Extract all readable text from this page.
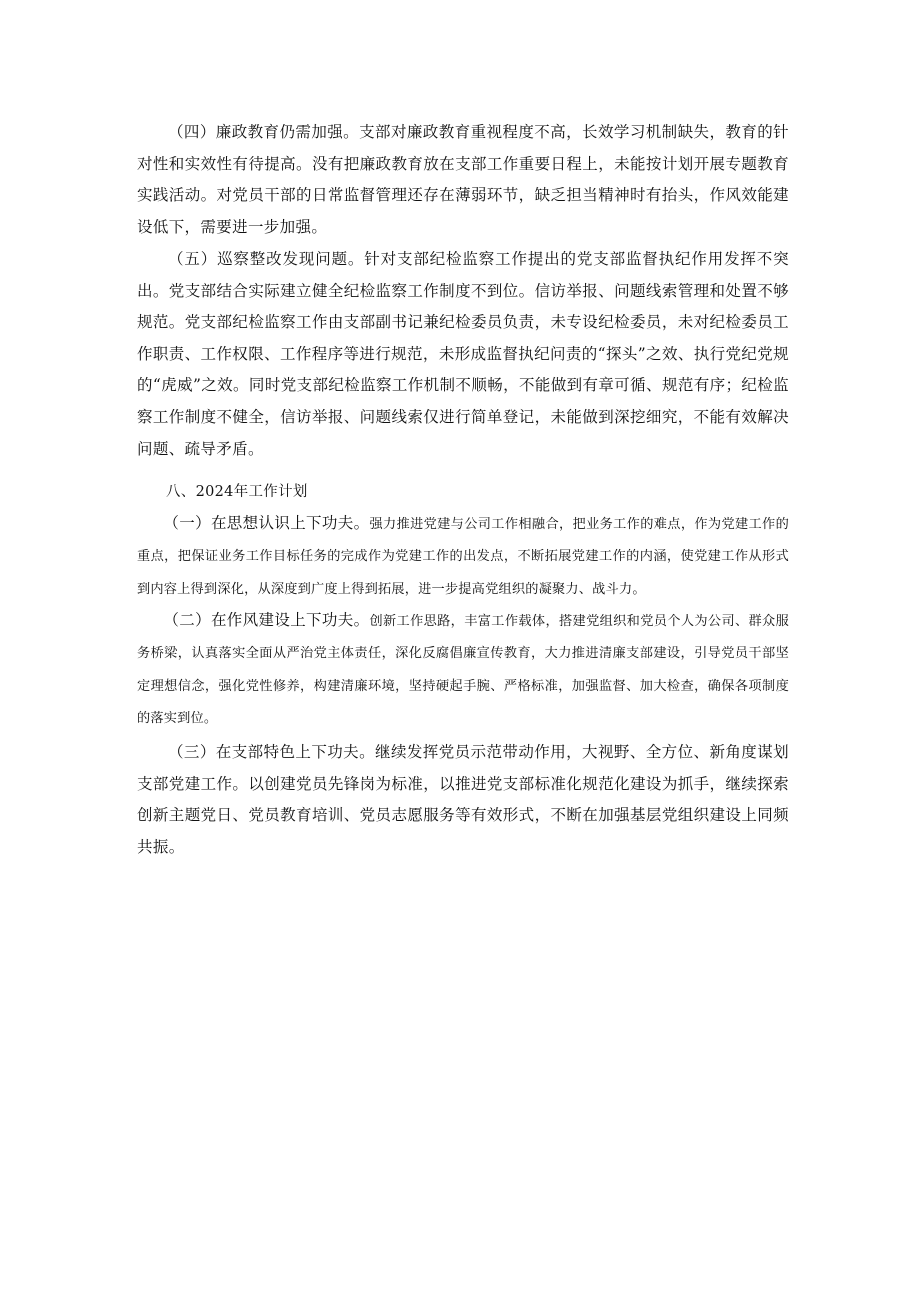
（四）廉政教育仍需加强。支部对廉政教育重视程度不高，长效学习机制缺失，教育的针对性和实效性有待提高。没有把廉政教育放在支部工作重要日程上，未能按计划开展专题教育实践活动。对党员干部的日常监督管理还存在薄弱环节，缺乏担当精神时有抬头，作风效能建设低下，需要进一步加强。

（五）巡察整改发现问题。针对支部纪检监察工作提出的党支部监督执纪作用发挥不突出。党支部结合实际建立健全纪检监察工作制度不到位。信访举报、问题线索管理和处置不够规范。党支部纪检监察工作由支部副书记兼纪检委员负责，未专设纪检委员，未对纪检委员工作职责、工作权限、工作程序等进行规范，未形成监督执纪问责的“探头”之效、执行党纪党规的“虎威”之效。同时党支部纪检监察工作机制不顺畅，不能做到有章可循、规范有序；纪检监察工作制度不健全，信访举报、问题线索仅进行简单登记，未能做到深挖细究，不能有效解决问题、疏导矛盾。

八、2024年工作计划

（一）在思想认识上下功夫。强力推进党建与公司工作相融合，把业务工作的难点，作为党建工作的重点，把保证业务工作目标任务的完成作为党建工作的出发点，不断拓展党建工作的内涵，使党建工作从形式到内容上得到深化，从深度到广度上得到拓展，进一步提高党组织的凝聚力、战斗力。

（二）在作风建设上下功夫。创新工作思路，丰富工作载体，搭建党组织和党员个人为公司、群众服务桥梁，认真落实全面从严治党主体责任，深化反腐倡廉宣传教育，大力推进清廉支部建设，引导党员干部坚定理想信念，强化党性修养，构建清廉环境，坚持硬起手腕、严格标准，加强监督、加大检查，确保各项制度的落实到位。

（三）在支部特色上下功夫。继续发挥党员示范带动作用，大视野、全方位、新角度谋划支部党建工作。以创建党员先锋岗为标准，以推进党支部标准化规范化建设为抓手，继续探索创新主题党日、党员教育培训、党员志愿服务等有效形式，不断在加强基层党组织建设上同频共振。
